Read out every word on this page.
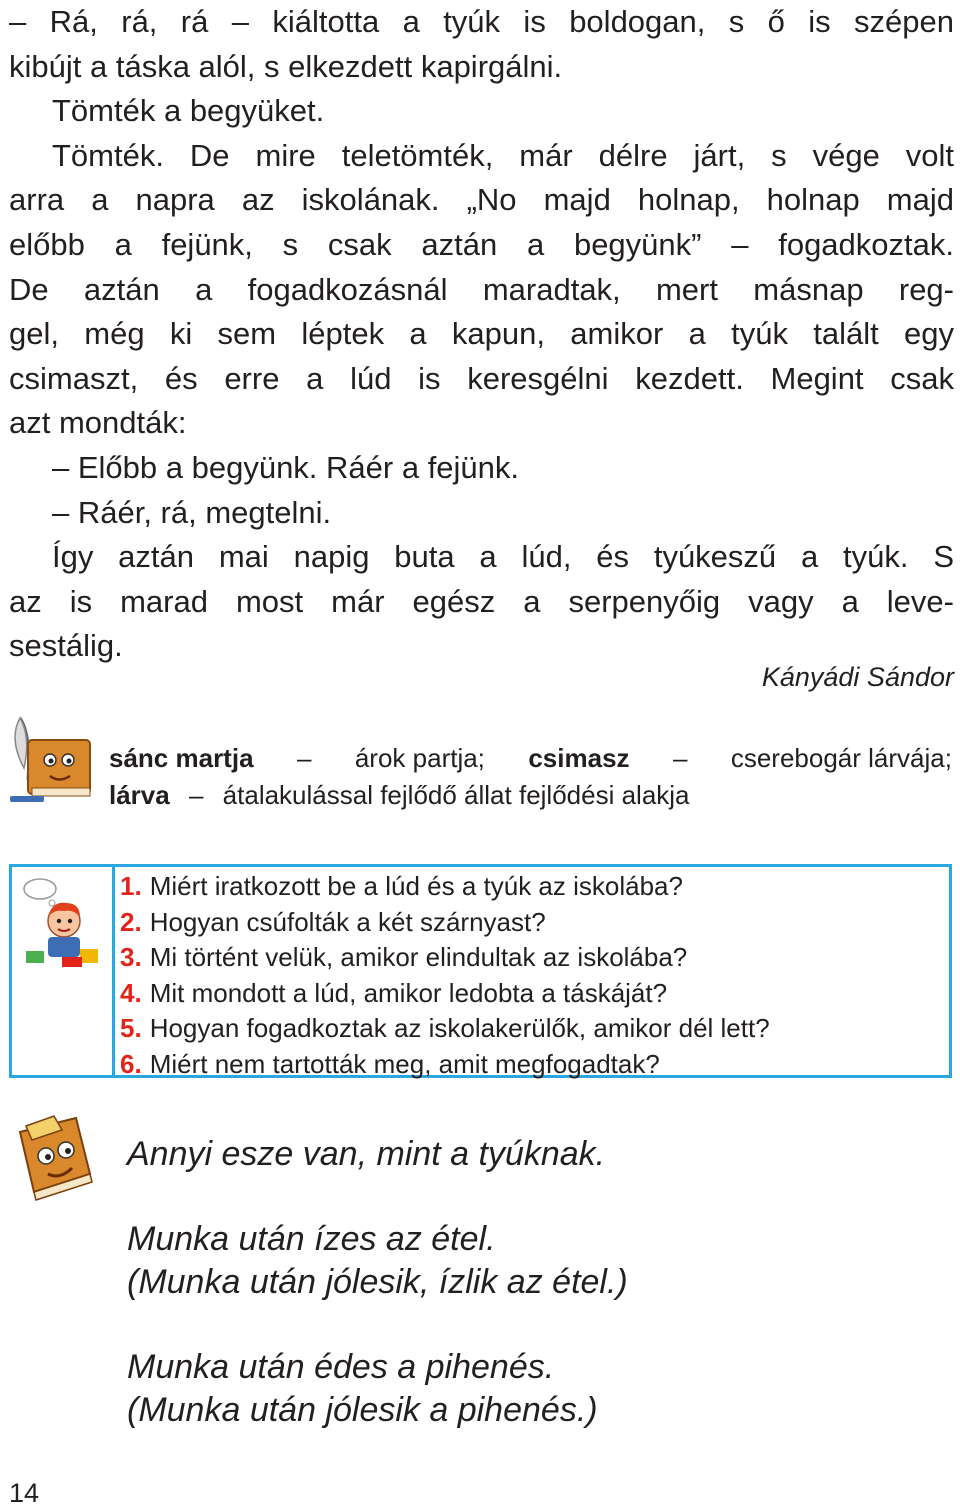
– Rá, rá, rá – kiáltotta a tyúk is boldogan, s ő is szépen
kibújt a táska alól, s elkezdett kapirgálni.
Tömték a begyüket.
Tömték. De mire teletömték, már délre járt, s vége volt
arra a napra az iskolának. „No majd holnap, holnap majd
előbb a fejünk, s csak aztán a begyünk” – fogadkoztak.
De aztán a fogadkozásnál maradtak, mert másnap reg-
gel, még ki sem léptek a kapun, amikor a tyúk talált egy
csimaszt, és erre a lúd is keresgélni kezdett. Megint csak
azt mondták:
– Előbb a begyünk. Ráér a fejünk.
– Ráér, rá, megtelni.
Így aztán mai napig buta a lúd, és tyúkeszű a tyúk. S
az is marad most már egész a serpenyőig vagy a leve-
sestálig.
Kányádi Sándor
sánc martja – árok partja; csimasz – cserebogár lárvája;
lárva – átalakulással fejlődő állat fejlődési alakja
1. Miért iratkozott be a lúd és a tyúk az iskolába?
2. Hogyan csúfolták a két szárnyast?
3. Mi történt velük, amikor elindultak az iskolába?
4. Mit mondott a lúd, amikor ledobta a táskáját?
5. Hogyan fogadkoztak az iskolakerülők, amikor dél lett?
6. Miért nem tartották meg, amit megfogadtak?
Annyi esze van, mint a tyúknak.
Munka után ízes az étel.
(Munka után jólesik, ízlik az étel.)
Munka után édes a pihenés.
(Munka után jólesik a pihenés.)
14
